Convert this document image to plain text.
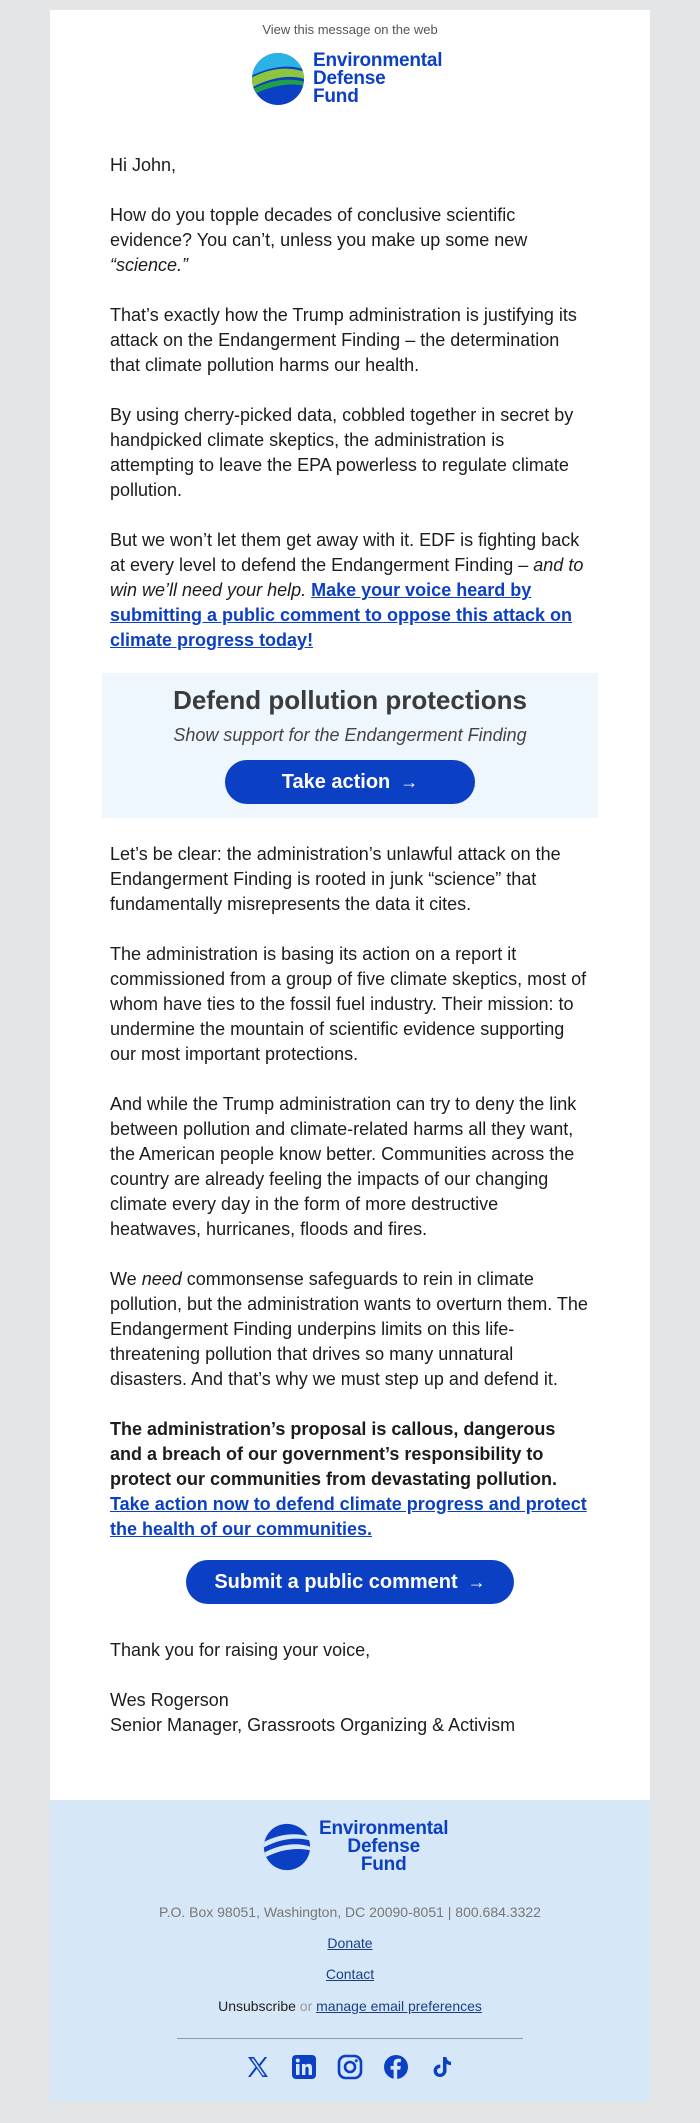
View this message on the web
Environmental
Defense
Fund

Hi John,

How do you topple decades of conclusive scientific evidence? You can’t, unless you make up some new “science.”

That’s exactly how the Trump administration is justifying its attack on the Endangerment Finding – the determination that climate pollution harms our health.

By using cherry-picked data, cobbled together in secret by handpicked climate skeptics, the administration is attempting to leave the EPA powerless to regulate climate pollution.

But we won’t let them get away with it. EDF is fighting back at every level to defend the Endangerment Finding – and to win we’ll need your help. Make your voice heard by submitting a public comment to oppose this attack on climate progress today!

Defend pollution protections
Show support for the Endangerment Finding
Take action →

Let’s be clear: the administration’s unlawful attack on the Endangerment Finding is rooted in junk “science” that fundamentally misrepresents the data it cites.

The administration is basing its action on a report it commissioned from a group of five climate skeptics, most of whom have ties to the fossil fuel industry. Their mission: to undermine the mountain of scientific evidence supporting our most important protections.

And while the Trump administration can try to deny the link between pollution and climate-related harms all they want, the American people know better. Communities across the country are already feeling the impacts of our changing climate every day in the form of more destructive heatwaves, hurricanes, floods and fires.

We need commonsense safeguards to rein in climate pollution, but the administration wants to overturn them. The Endangerment Finding underpins limits on this life-threatening pollution that drives so many unnatural disasters. And that’s why we must step up and defend it.

The administration’s proposal is callous, dangerous and a breach of our government’s responsibility to protect our communities from devastating pollution. Take action now to defend climate progress and protect the health of our communities.

Submit a public comment →

Thank you for raising your voice,

Wes Rogerson
Senior Manager, Grassroots Organizing & Activism
Environmental
Defense
Fund
P.O. Box 98051, Washington, DC 20090-8051 | 800.684.3322
Donate
Contact
Unsubscribe or manage email preferences
